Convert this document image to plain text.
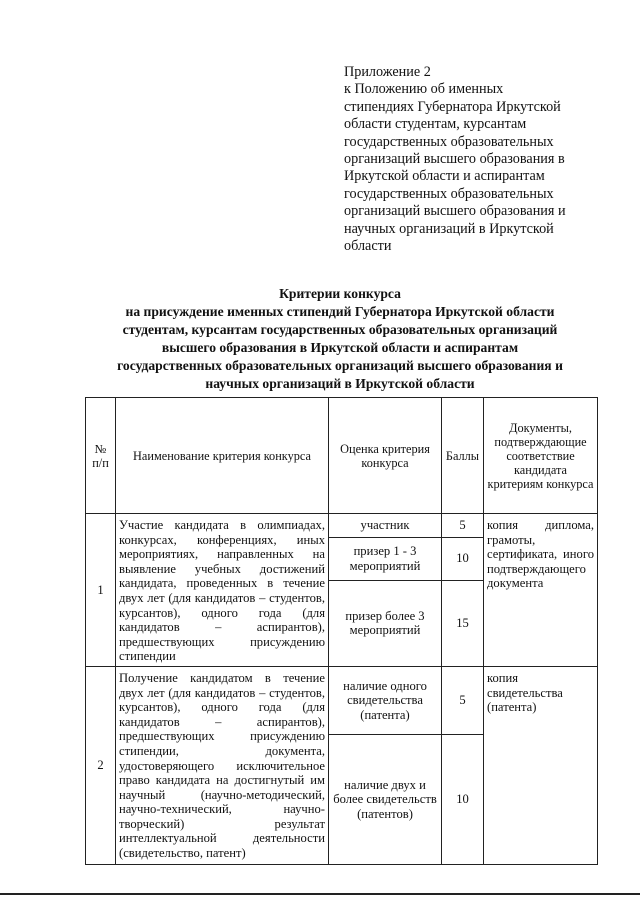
Приложение 2
к Положению об именных
стипендиях Губернатора Иркутской
области студентам, курсантам
государственных образовательных
организаций высшего образования в
Иркутской области и аспирантам
государственных образовательных
организаций высшего образования и
научных организаций в Иркутской
области
Критерии конкурса
на присуждение именных стипендий Губернатора Иркутской области
студентам, курсантам государственных образовательных организаций
высшего образования в Иркутской области и аспирантам
государственных образовательных организаций высшего образования и
научных организаций в Иркутской области
№ п/п	Наименование критерия конкурса	Оценка критерия конкурса	Баллы	Документы, подтверждающие соответствие кандидата критериям конкурса
1	Участие кандидата в олимпиадах, конкурсах, конференциях, иных мероприятиях, направленных на выявление учебных достижений кандидата, проведенных в течение двух лет (для кандидатов – студентов, курсантов), одного года (для кандидатов – аспирантов), предшествующих присуждению стипендии	участник	5	копия диплома, грамоты, сертификата, иного подтверждающего документа
		призер 1 - 3 мероприятий	10	
		призер более 3 мероприятий	15	
2	Получение кандидатом в течение двух лет (для кандидатов – студентов, курсантов), одного года (для кандидатов – аспирантов), предшествующих присуждению стипендии, документа, удостоверяющего исключительное право кандидата на достигнутый им научный (научно-методический, научно-технический, научно-творческий) результат интеллектуальной деятельности (свидетельство, патент)	наличие одного свидетельства (патента)	5	копия свидетельства (патента)
		наличие двух и более свидетельств (патентов)	10	
